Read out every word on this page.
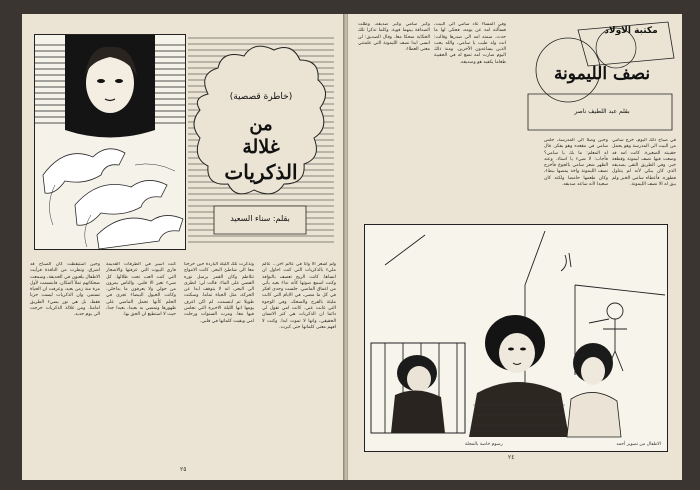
(خاطرة قصصية)
من
غلالة
الذكريات
بقلم: سناء السعيد

وحين استيقظت كان الصباح قد اشرق، ونظرت من النافذة فرأيت الاطفال يلعبون في الحديقة، وسمعت ضحكاتهم تملأ المكان. فابتسمت لأول مرة منذ زمن بعيد، وعرفت ان الحياة تستمر، وان الذكريات ليست حزنا فقط، بل هي نور يضيء الطريق امامنا. ومن غلالة الذكريات خرجت الى يوم جديد.

كنت اسير في الطرقات القديمة فارى البيوت التي عرفتها والاشجار التي كنت العب تحت ظلالها. كل شيء تغير الا قلبي. والناس يمرون من حولي ولا يعرفون ما بداخلي. وكانت الخيول البيضاء تجري في الحلم كأنها تحمل الماضي على ظهورها وتمضي به بعيدا، بعيدا جدا، حيث لا استطيع ان الحق بها.

وتذكرت تلك الليلة الباردة حين خرجنا معا الى شاطئ البحر. كانت الامواج تتلاطم وكان القمر يرسل نوره الفضي على الماء. قالت لي: انظري الى البحر، انه لا يتوقف ابدا عن الحركة، مثل الحياة تماما. وسكتت طويلا ثم ابتسمت. لم اكن اعرف يومها انها الليلة الاخيرة التي نجلس فيها معا. ومرت السنوات ورحلت امي وبقيت كلماتها في قلبي.

ولم اشعر الا وانا فى عالم آخر... عالم مليء بالذكريات التي كنت احاول ان انساها. كانت الريح تعصف بالنوافذ وكنت اسمع صوتها كأنه نداء بعيد يأتي من اعماق الماضي. جلست وحدي افكر في كل ما مضى، في الايام التي كانت مليئة بالفرح والضحك، وفي الوجوه التي غابت عني. كانت امي تقول لي دائما ان الذكريات هي كنز الانسان الحقيقي، وانها لا تموت ابدا. وكنت لا افهم معنى كلماتها حتى كبرت.

٢٥
مكتبة الاولاد
نصف الليمونة
بقلم عبد اللطيف ناصر

في صباح ذلك اليوم، خرج سامي من البيت الى المدرسة وهو يحمل حقيبته الصغيرة. كانت امه قد وضعت فيها نصف ليمونة وقطعة خبز. وفي الطريق التقى بصديقه الذي كان يبكي لأنه لم يتناول فطوره. فأعطاه سامي الخبز ولم يبق له الا نصف الليمونة.

وحين وصلا الى المدرسة، جلس سامي في مقعده وهو يفكر. قال له المعلم: ما بك يا سامي؟ فأجاب: لا شيء يا استاذ. وعند الظهر شعر سامي بالجوع فأخرج نصف الليمونة واخذ يمصها ببطء، وكان طعمها حامضا ولكنه كان سعيدا لأنه ساعد صديقه.

وفي المساء عاد سامي الى البيت، فسألته امه عن يومه، فحكى لها ما حدث. ضمته امه الى صدرها وقالت: انت ولد طيب يا سامي، والله يحب الذين يساعدون الآخرين. ومنذ ذلك اليوم صارت امه تضع له في الحقيبة طعاما يكفيه هو وصديقه.

وكبر سامي وكبر صديقه، وظلت الصداقة بينهما قوية. وكلما تذكرا تلك الحكاية ضحكا معا، وقال الصديق: لن انسى ابدا نصف الليمونة التي علمتني معنى العطاء.

الاطفال من تصوير أحمد
رسوم خاصة بالمجلة
٢٤
